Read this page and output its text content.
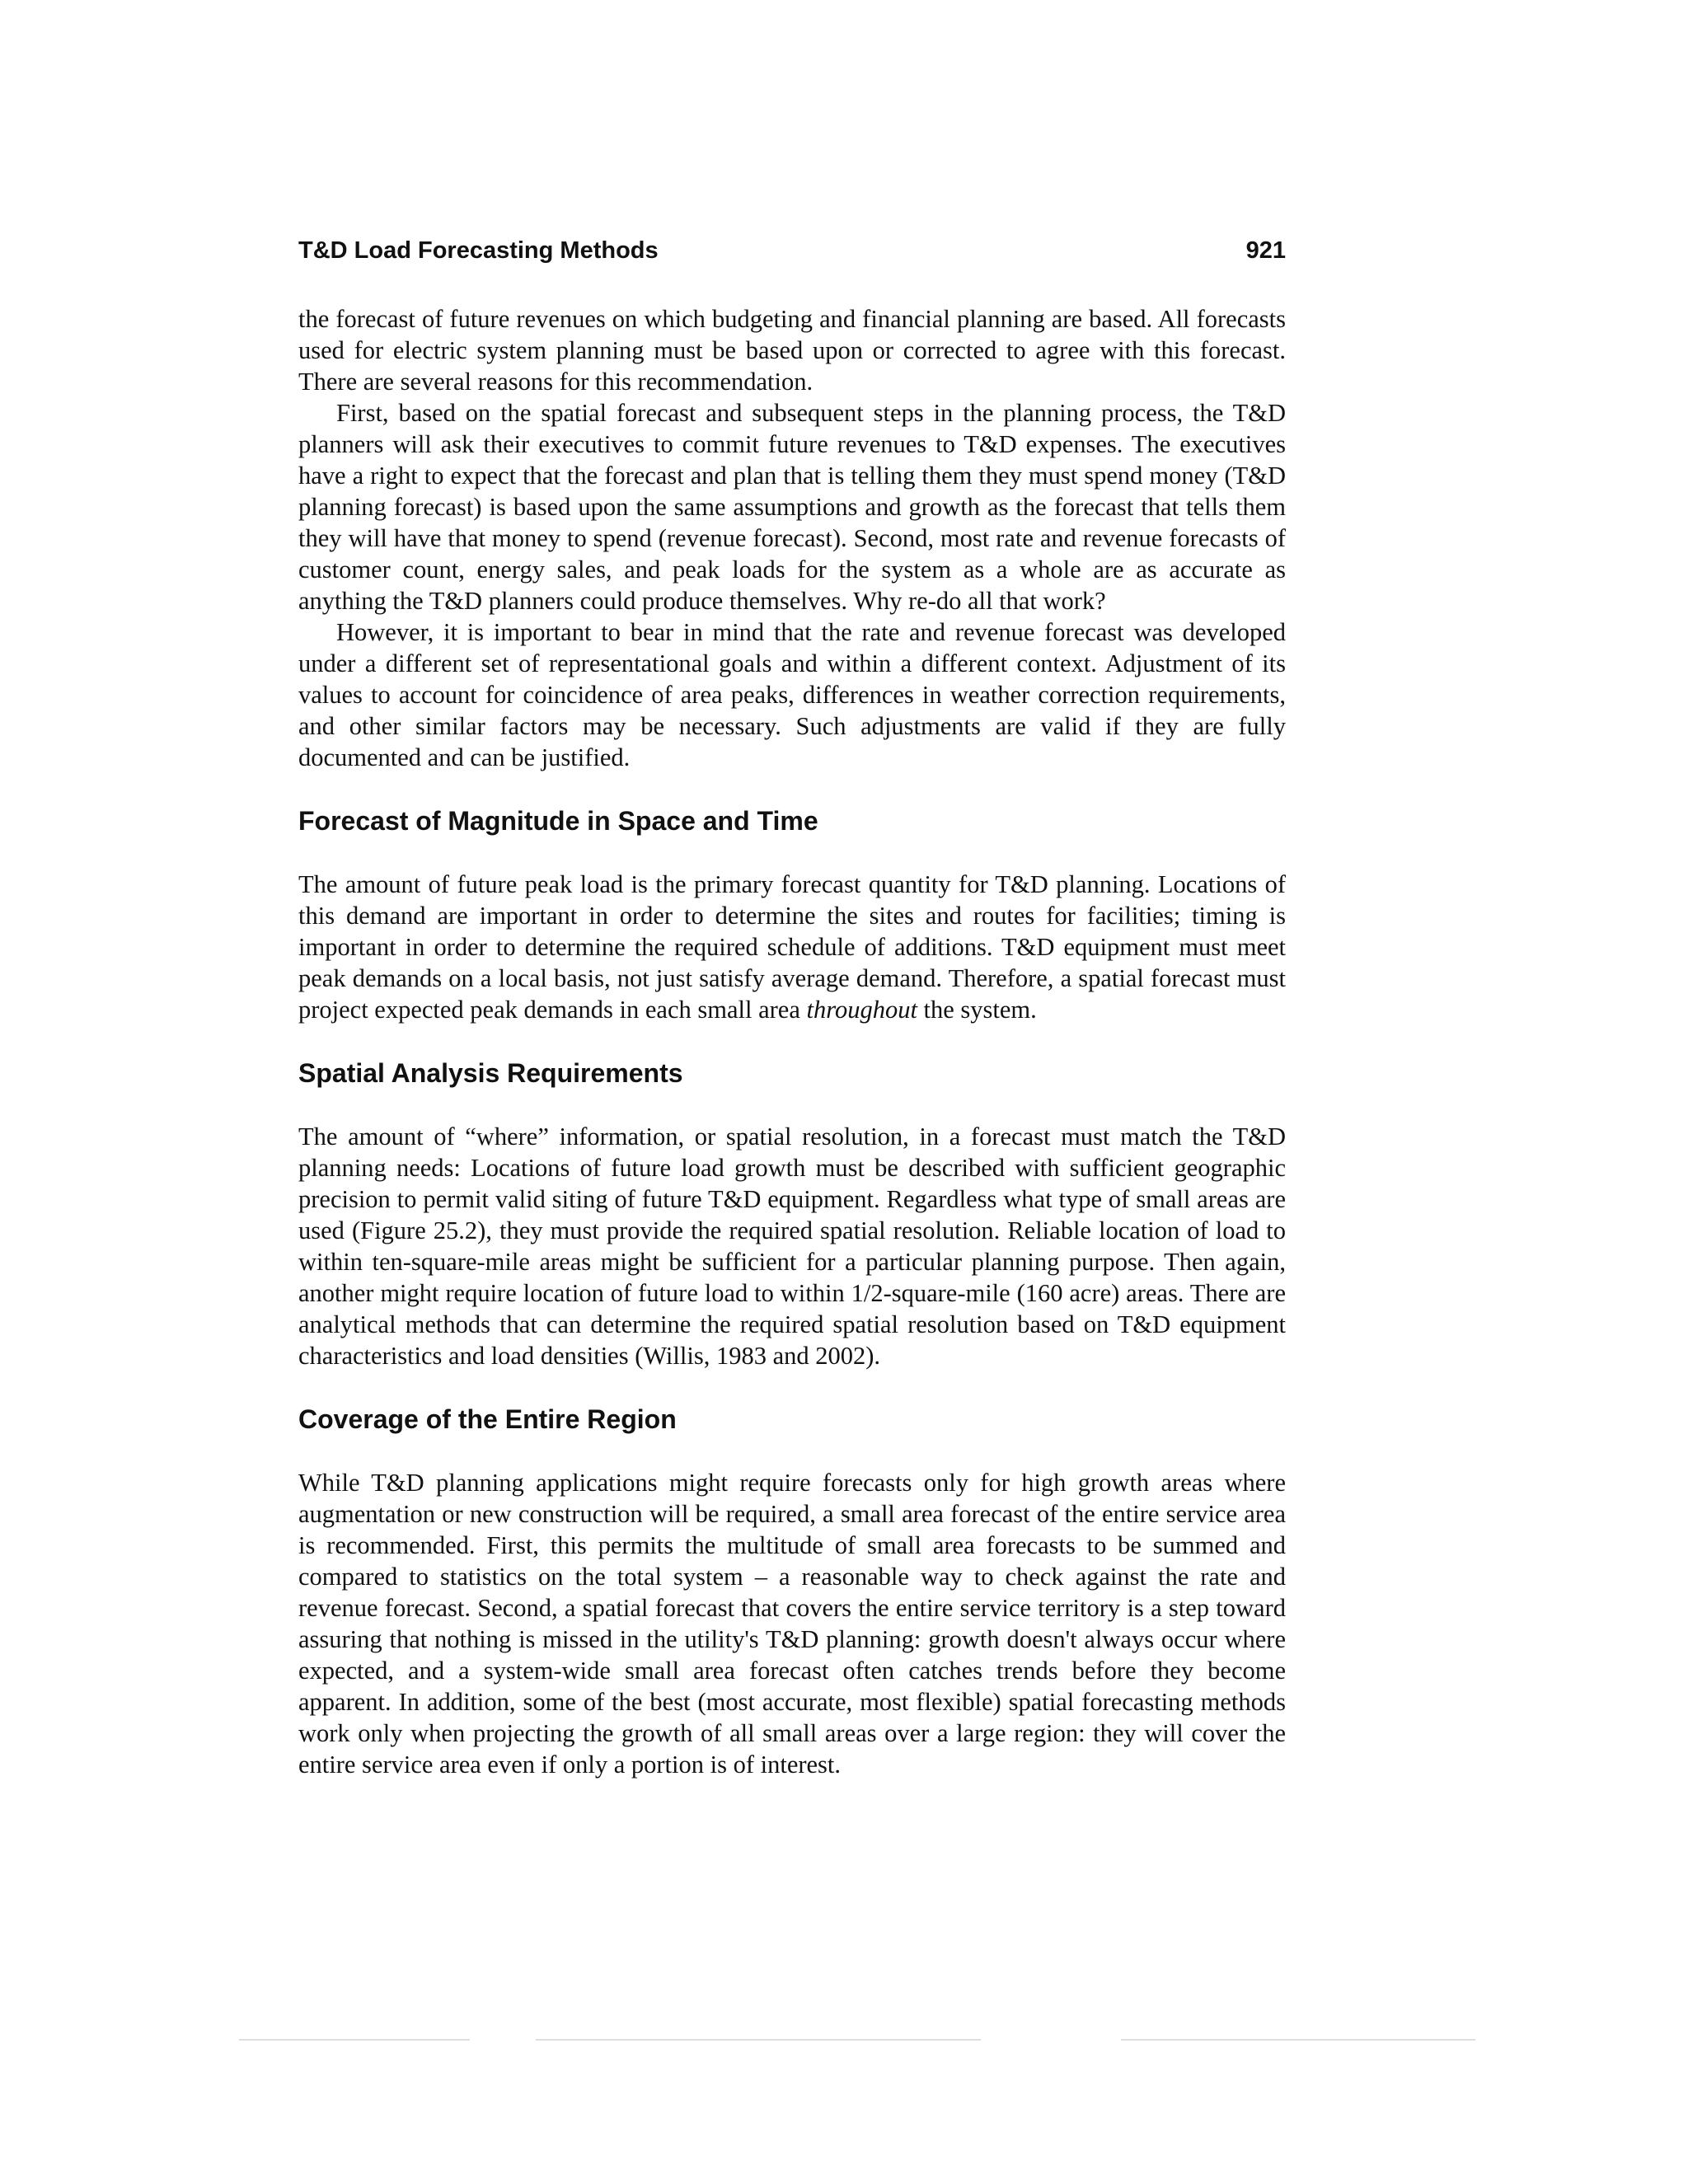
T&D Load Forecasting Methods	921

the forecast of future revenues on which budgeting and financial planning are based. All forecasts used for electric system planning must be based upon or corrected to agree with this forecast. There are several reasons for this recommendation.

First, based on the spatial forecast and subsequent steps in the planning process, the T&D planners will ask their executives to commit future revenues to T&D expenses. The executives have a right to expect that the forecast and plan that is telling them they must spend money (T&D planning forecast) is based upon the same assumptions and growth as the forecast that tells them they will have that money to spend (revenue forecast). Second, most rate and revenue forecasts of customer count, energy sales, and peak loads for the system as a whole are as accurate as anything the T&D planners could produce themselves. Why re-do all that work?

However, it is important to bear in mind that the rate and revenue forecast was developed under a different set of representational goals and within a different context. Adjustment of its values to account for coincidence of area peaks, differences in weather correction requirements, and other similar factors may be necessary. Such adjustments are valid if they are fully documented and can be justified.

Forecast of Magnitude in Space and Time

The amount of future peak load is the primary forecast quantity for T&D planning. Locations of this demand are important in order to determine the sites and routes for facilities; timing is important in order to determine the required schedule of additions. T&D equipment must meet peak demands on a local basis, not just satisfy average demand. Therefore, a spatial forecast must project expected peak demands in each small area throughout the system.

Spatial Analysis Requirements

The amount of “where” information, or spatial resolution, in a forecast must match the T&D planning needs: Locations of future load growth must be described with sufficient geographic precision to permit valid siting of future T&D equipment. Regardless what type of small areas are used (Figure 25.2), they must provide the required spatial resolution. Reliable location of load to within ten-square-mile areas might be sufficient for a particular planning purpose. Then again, another might require location of future load to within 1/2-square-mile (160 acre) areas. There are analytical methods that can determine the required spatial resolution based on T&D equipment characteristics and load densities (Willis, 1983 and 2002).

Coverage of the Entire Region

While T&D planning applications might require forecasts only for high growth areas where augmentation or new construction will be required, a small area forecast of the entire service area is recommended. First, this permits the multitude of small area forecasts to be summed and compared to statistics on the total system – a reasonable way to check against the rate and revenue forecast. Second, a spatial forecast that covers the entire service territory is a step toward assuring that nothing is missed in the utility's T&D planning: growth doesn't always occur where expected, and a system-wide small area forecast often catches trends before they become apparent. In addition, some of the best (most accurate, most flexible) spatial forecasting methods work only when projecting the growth of all small areas over a large region: they will cover the entire service area even if only a portion is of interest.
